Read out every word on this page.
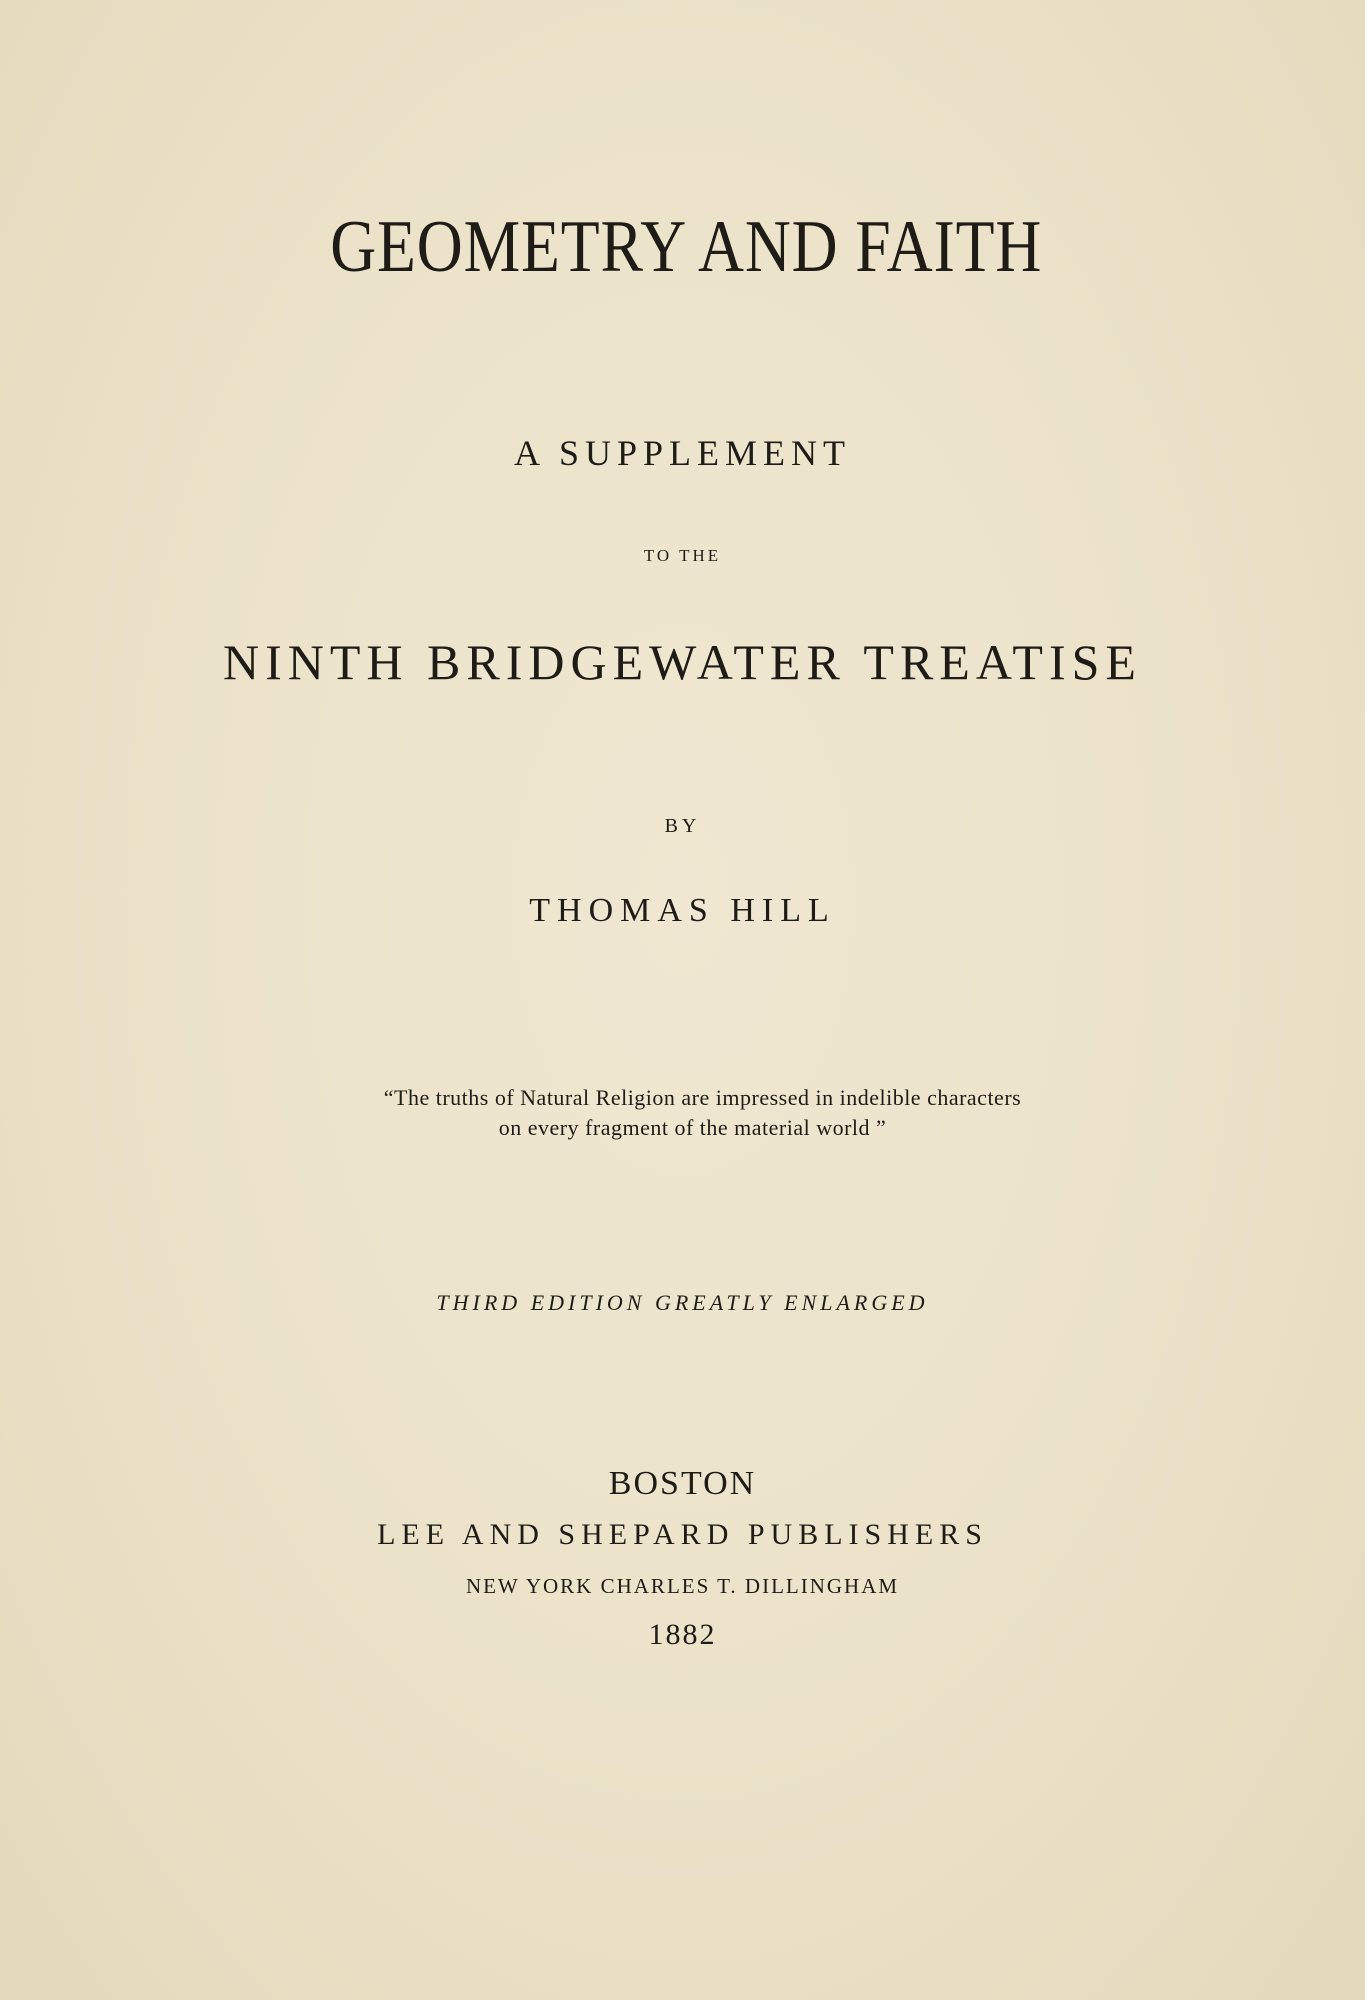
GEOMETRY AND FAITH
A SUPPLEMENT
TO THE
NINTH BRIDGEWATER TREATISE
BY
THOMAS HILL
“The truths of Natural Religion are impressed in indelible characters
on every fragment of the material world ”
THIRD EDITION GREATLY ENLARGED
BOSTON
LEE AND SHEPARD PUBLISHERS
NEW YORK CHARLES T. DILLINGHAM
1882
